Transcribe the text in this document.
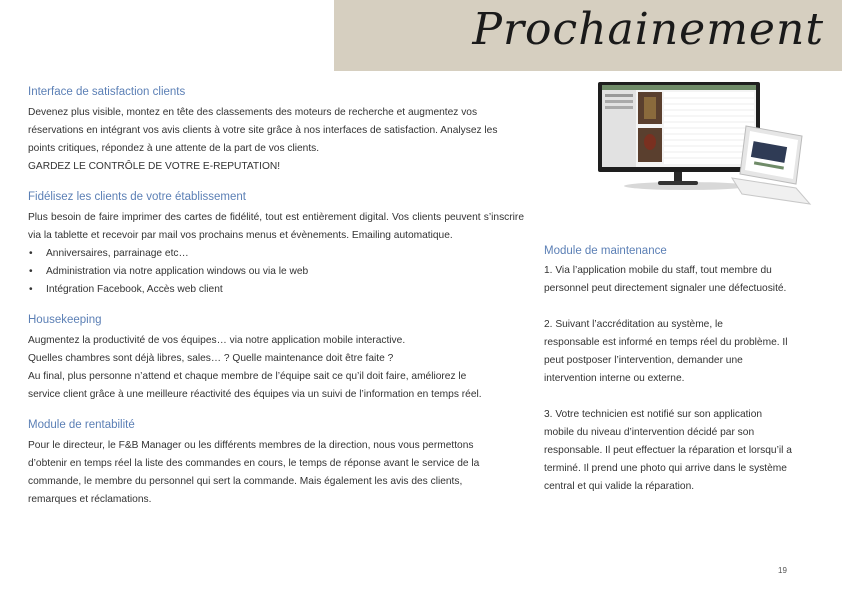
Prochainement
Interface de satisfaction clients

Devenez plus visible, montez en tête des classements des moteurs de recherche et augmentez vos
réservations en intégrant vos avis clients à votre site grâce à nos interfaces de satisfaction. Analysez les
points critiques, répondez à une attente de la part de vos clients.
GARDEZ LE CONTRÔLE DE VOTRE E-REPUTATION!

Fidélisez les clients de votre établissement

Plus besoin de faire imprimer des cartes de fidélité, tout est entièrement digital. Vos clients peuvent s’inscrire via la tablette et recevoir par mail vos prochains menus et évènements. Emailing automatique.

• Anniversaires, parrainage etc…
• Administration via notre application windows ou via le web
• Intégration Facebook, Accès web client
Housekeeping

Augmentez la productivité de vos équipes… via notre application mobile interactive.
Quelles chambres sont déjà libres, sales… ? Quelle maintenance doit être faite ?
Au final, plus personne n’attend et chaque membre de l’équipe sait ce qu’il doit faire, améliorez le
service client grâce à une meilleure réactivité des équipes via un suivi de l’information en temps réel.

Module de rentabilité

Pour le directeur, le F&B Manager ou les différents membres de la direction, nous vous permettons
d’obtenir en temps réel la liste des commandes en cours, le temps de réponse avant le service de la
commande, le membre du personnel qui sert la commande. Mais également les avis des clients,
remarques et réclamations.

Module de maintenance

1. Via l’application mobile du staff, tout membre du
personnel peut directement signaler une défectuosité.

2. Suivant l’accréditation au système, le
responsable est informé en temps réel du problème. Il
peut postposer l’intervention, demander une
intervention interne ou externe.

3. Votre technicien est notifié sur son application
mobile du niveau d’intervention décidé par son
responsable. Il peut effectuer la réparation et lorsqu’il a
terminé. Il prend une photo qui arrive dans le système
central et qui valide la réparation.

19
